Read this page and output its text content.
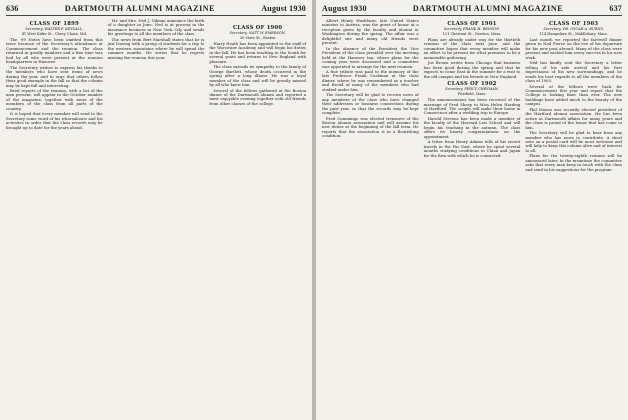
636	DARTMOUTH ALUMNI MAGAZINE	August 1930
CLASS OF 1899
Secretary, WALTER F. KEYSALL,
41 West Kirke St., Chevy Chase, Md.

The '99 Notes have been omitted from this issue because of the Secretary's attendance at Commencement and the reunion. The class returned in goodly numbers and a fine time was had by all who were present at the reunion headquarters in Hanover.

The Secretary wishes to express his thanks to the members who have sent items of news during the year, and to urge that others follow their good example in the fall so that the column may be kept full and interesting.

Brief reports of the reunion, with a list of the men present, will appear in the October number of the magazine, together with news of the members of the class from all parts of the country.

It is hoped that every member will send to the Secretary some word of his whereabouts and his activities in order that the class records may be brought up to date for the years ahead.

Mr. and Mrs. Ned J. Gilman announce the birth of a daughter in June. Ned is at present in the insurance business in New York City and sends his greetings to all the members of the class.

The news from Bert Marshall states that he is just leaving with a group of students for a trip to the western mountains where he will spend the summer months. He writes that he regrets missing the reunion this year.

CLASS OF 1900
Secretary, NATT W. EMERSON,
50 State St., Boston

Harry Heath has been appointed to the staff of the Worcester Academy and will begin his duties in the fall. He has been teaching in the South for several years and returns to New England with pleasure.

The class extends its sympathy to the family of George Bartlett, whose death occurred in the spring after a long illness. He was a loyal member of the class and will be greatly missed by all who knew him.

Several of the fellows gathered at the Boston dinner of the Dartmouth alumni and reported a most enjoyable evening together with old friends from other classes of the college.

August 1930	DARTMOUTH ALUMNI MAGAZINE	637

Albert Henry Washburn, late United States minister to Austria, was the guest of honor at a reception given by the faculty and alumni in Washington during the spring. The affair was a delightful one and many old friends were present.

In the absence of the President the Vice President of the class presided over the meeting held at the Hanover Inn, where plans for the coming year were discussed and a committee was appointed to arrange for the next reunion.

A fine tribute was paid to the memory of the late Professor Frank Cushman at the class dinner, where he was remembered as a teacher and friend of many of the members who had studied under him.

The Secretary will be glad to receive news of any members of the class who have changed their addresses or business connections during the past year, so that the records may be kept complete.

Fred Cummings was elected treasurer of the Boston alumni association and will assume his new duties at the beginning of the fall term. He reports that the association is in a flourishing condition.

CLASS OF 1901
Secretary, FRANK H. BENSON,
121 Chestnut St., Newton, Mass.

Plans are already under way for the thirtieth reunion of the class next June, and the committee hopes that every member will make an effort to be present for what promises to be a memorable gathering.

Joe Brown writes from Chicago that business has been good during the spring and that he expects to come East in the summer for a visit to the old campus and his friends in New England.

CLASS OF 1902
Secretary, PERCY CHESMAN,
Pittsfield, Mass.

The announcement has been received of the marriage of Fred Sharp to Miss Helen Harding of Hartford. The couple will make their home in Connecticut after a wedding trip to Europe.

Harold Stevens has been made a member of the faculty of the Harvard Law School and will begin his teaching in the autumn. The class offers its hearty congratulations on the appointment.

A letter from Henry Adams tells of his recent travels in the Far East, where he spent several months studying conditions in China and Japan for the firm with which he is connected.

CLASS OF 1903
Secretary, DR. OSCAR A. BURNS,
114 Hampshire St., Middlebury, Mass.

Last month we reported the farewell dinner given to Ned Pierce on the eve of his departure for his new post abroad. Many of the class were present and wished him every success in his new work.

Ned has kindly sent the Secretary a letter telling of his safe arrival and his first impressions of his new surroundings, and he sends his best regards to all the members of the class of 1903.

Several of the fellows were back for Commencement this year and report that the College is looking finer than ever. The new buildings have added much to the beauty of the campus.

Phil Mason was recently elected president of the Hartford alumni association. He has been active in Dartmouth affairs for many years and the class is proud of the honor that has come to him.

The Secretary will be glad to hear from any member who has news to contribute. A short note on a postal card will be most welcome and will help to keep this column alive and of interest to all.

Plans for the twenty-eighth reunion will be announced later. In the meantime the committee asks that every man keep in touch with the class and send in his suggestions for the program.
